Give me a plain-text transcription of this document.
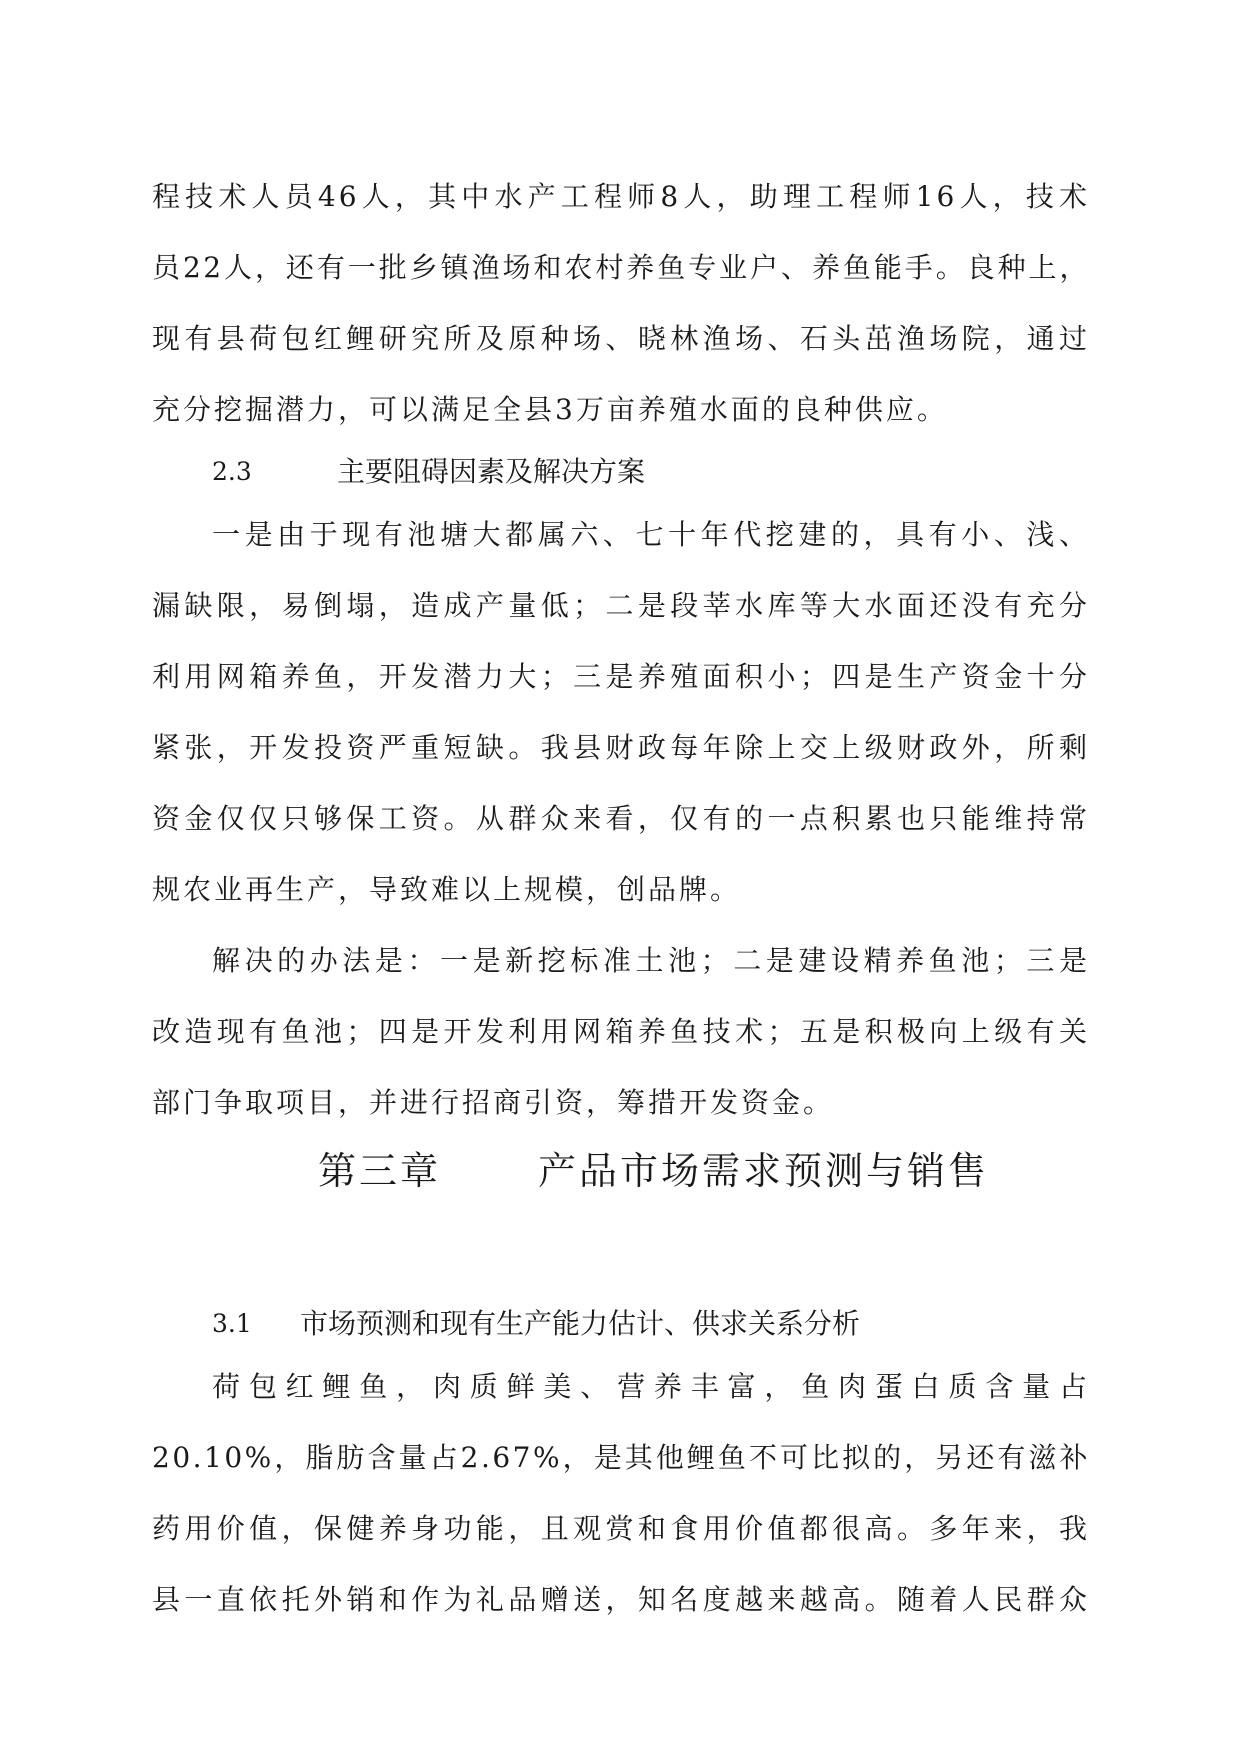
程技术人员46人，其中水产工程师8人，助理工程师16人，技术
员22人，还有一批乡镇渔场和农村养鱼专业户、养鱼能手。良种上，
现有县荷包红鲤研究所及原种场、晓林渔场、石头茁渔场院，通过
充分挖掘潜力，可以满足全县3万亩养殖水面的良种供应。
2.3	主要阻碍因素及解决方案
一是由于现有池塘大都属六、七十年代挖建的，具有小、浅、
漏缺限，易倒塌，造成产量低；二是段莘水库等大水面还没有充分
利用网箱养鱼，开发潜力大；三是养殖面积小；四是生产资金十分
紧张，开发投资严重短缺。我县财政每年除上交上级财政外，所剩
资金仅仅只够保工资。从群众来看，仅有的一点积累也只能维持常
规农业再生产，导致难以上规模，创品牌。
解决的办法是：一是新挖标准土池；二是建设精养鱼池；三是
改造现有鱼池；四是开发利用网箱养鱼技术；五是积极向上级有关
部门争取项目，并进行招商引资，筹措开发资金。
第三章	产品市场需求预测与销售
3.1 市场预测和现有生产能力估计、供求关系分析
荷包红鲤鱼，肉质鲜美、营养丰富，鱼肉蛋白质含量占
20.10%，脂肪含量占2.67%，是其他鲤鱼不可比拟的，另还有滋补
药用价值，保健养身功能，且观赏和食用价值都很高。多年来，我
县一直依托外销和作为礼品赠送，知名度越来越高。随着人民群众
